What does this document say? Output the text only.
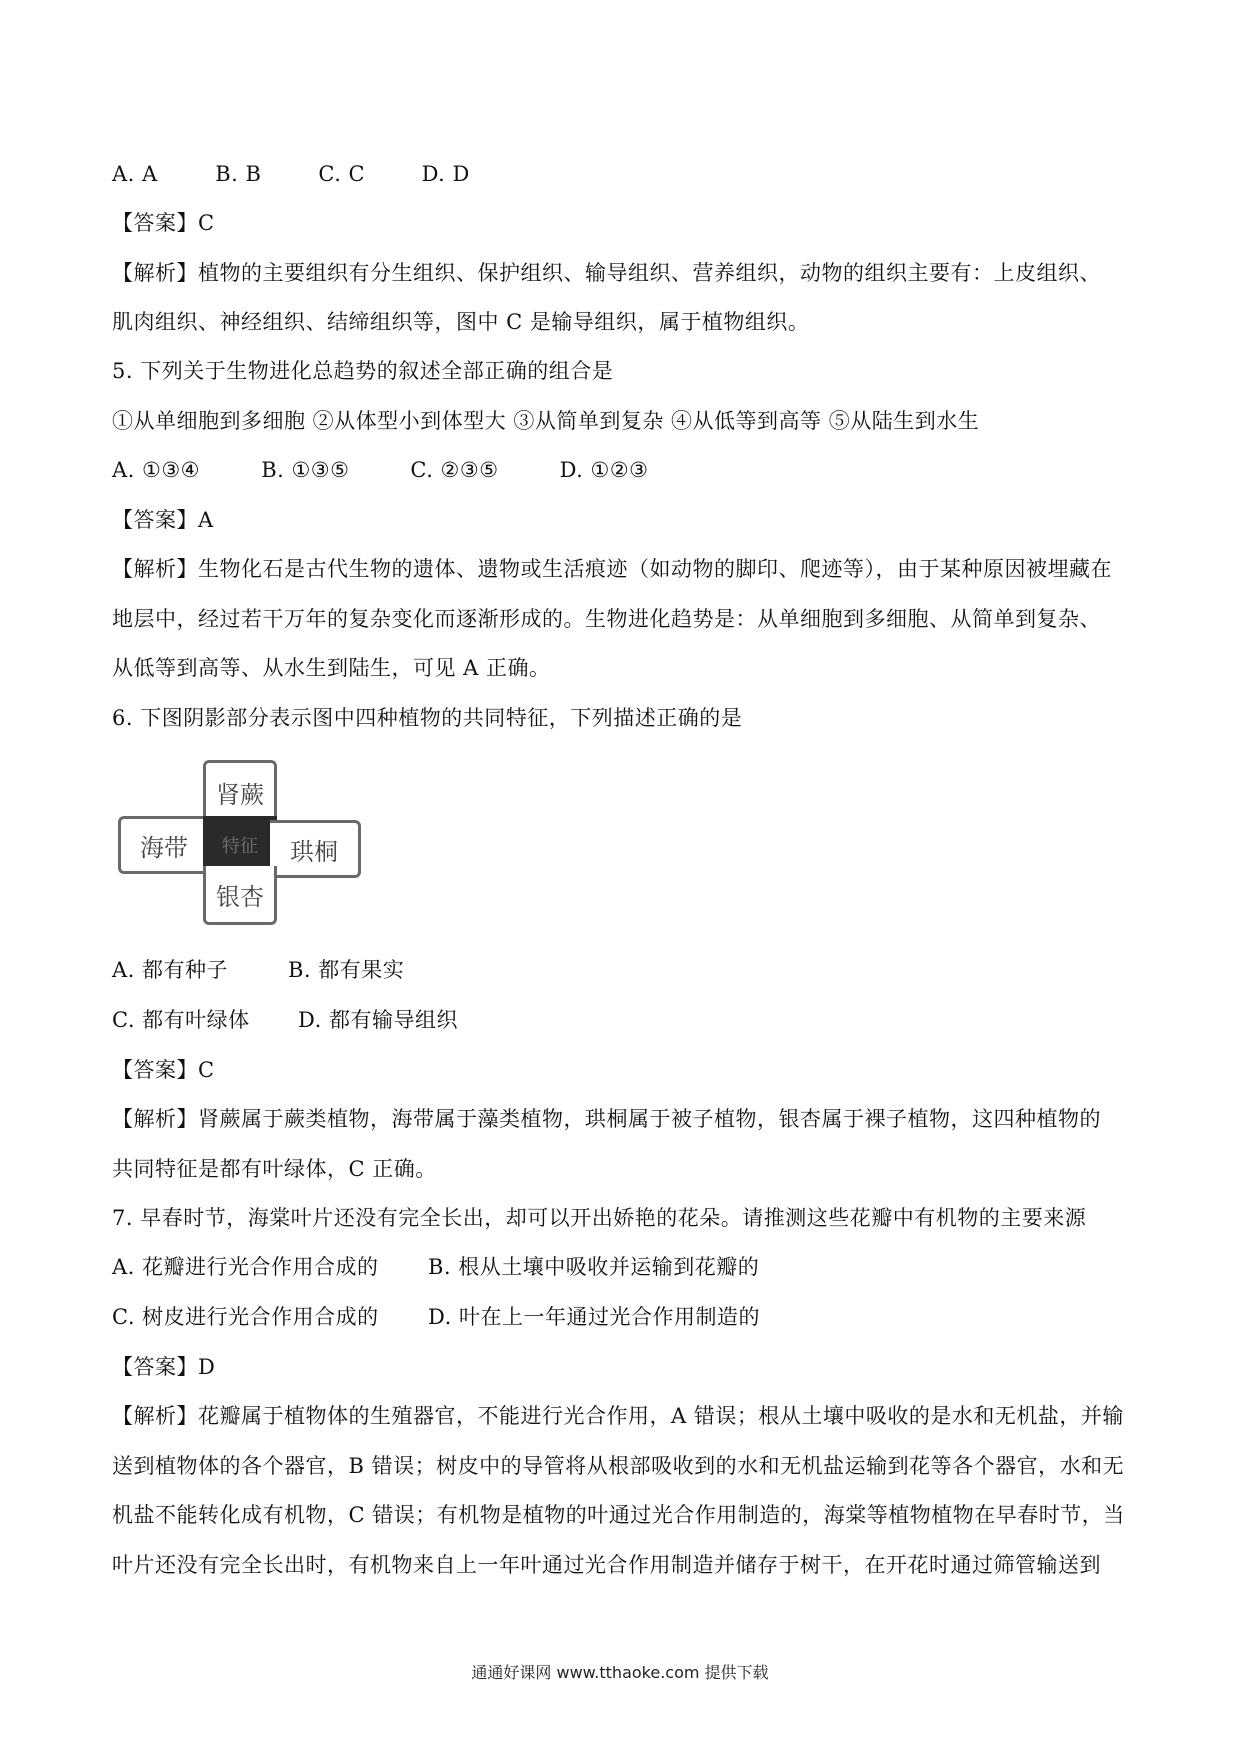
A. A	B. B	C. C	D. D
【答案】C
【解析】植物的主要组织有分生组织、保护组织、输导组织、营养组织，动物的组织主要有：上皮组织、
肌肉组织、神经组织、结缔组织等，图中 C 是输导组织，属于植物组织。
5. 下列关于生物进化总趋势的叙述全部正确的组合是
①从单细胞到多细胞 ②从体型小到体型大 ③从简单到复杂 ④从低等到高等 ⑤从陆生到水生
A. ①③④	B. ①③⑤	C. ②③⑤	D. ①②③
【答案】A
【解析】生物化石是古代生物的遗体、遗物或生活痕迹（如动物的脚印、爬迹等），由于某种原因被埋藏在
地层中，经过若干万年的复杂变化而逐渐形成的。生物进化趋势是：从单细胞到多细胞、从简单到复杂、
从低等到高等、从水生到陆生，可见 A 正确。
6. 下图阴影部分表示图中四种植物的共同特征，下列描述正确的是
肾蕨
海带	特征	珙桐
银杏
A. 都有种子	B. 都有果实
C. 都有叶绿体 D. 都有输导组织
【答案】C
【解析】肾蕨属于蕨类植物，海带属于藻类植物，珙桐属于被子植物，银杏属于裸子植物，这四种植物的
共同特征是都有叶绿体，C 正确。
7. 早春时节，海棠叶片还没有完全长出，却可以开出娇艳的花朵。请推测这些花瓣中有机物的主要来源
A. 花瓣进行光合作用合成的 B. 根从土壤中吸收并运输到花瓣的
C. 树皮进行光合作用合成的 D. 叶在上一年通过光合作用制造的
【答案】D
【解析】花瓣属于植物体的生殖器官，不能进行光合作用，A 错误；根从土壤中吸收的是水和无机盐，并输
送到植物体的各个器官，B 错误；树皮中的导管将从根部吸收到的水和无机盐运输到花等各个器官，水和无
机盐不能转化成有机物，C 错误；有机物是植物的叶通过光合作用制造的，海棠等植物植物在早春时节，当
叶片还没有完全长出时，有机物来自上一年叶通过光合作用制造并储存于树干，在开花时通过筛管输送到
通通好课网 www.tthaoke.com 提供下载
